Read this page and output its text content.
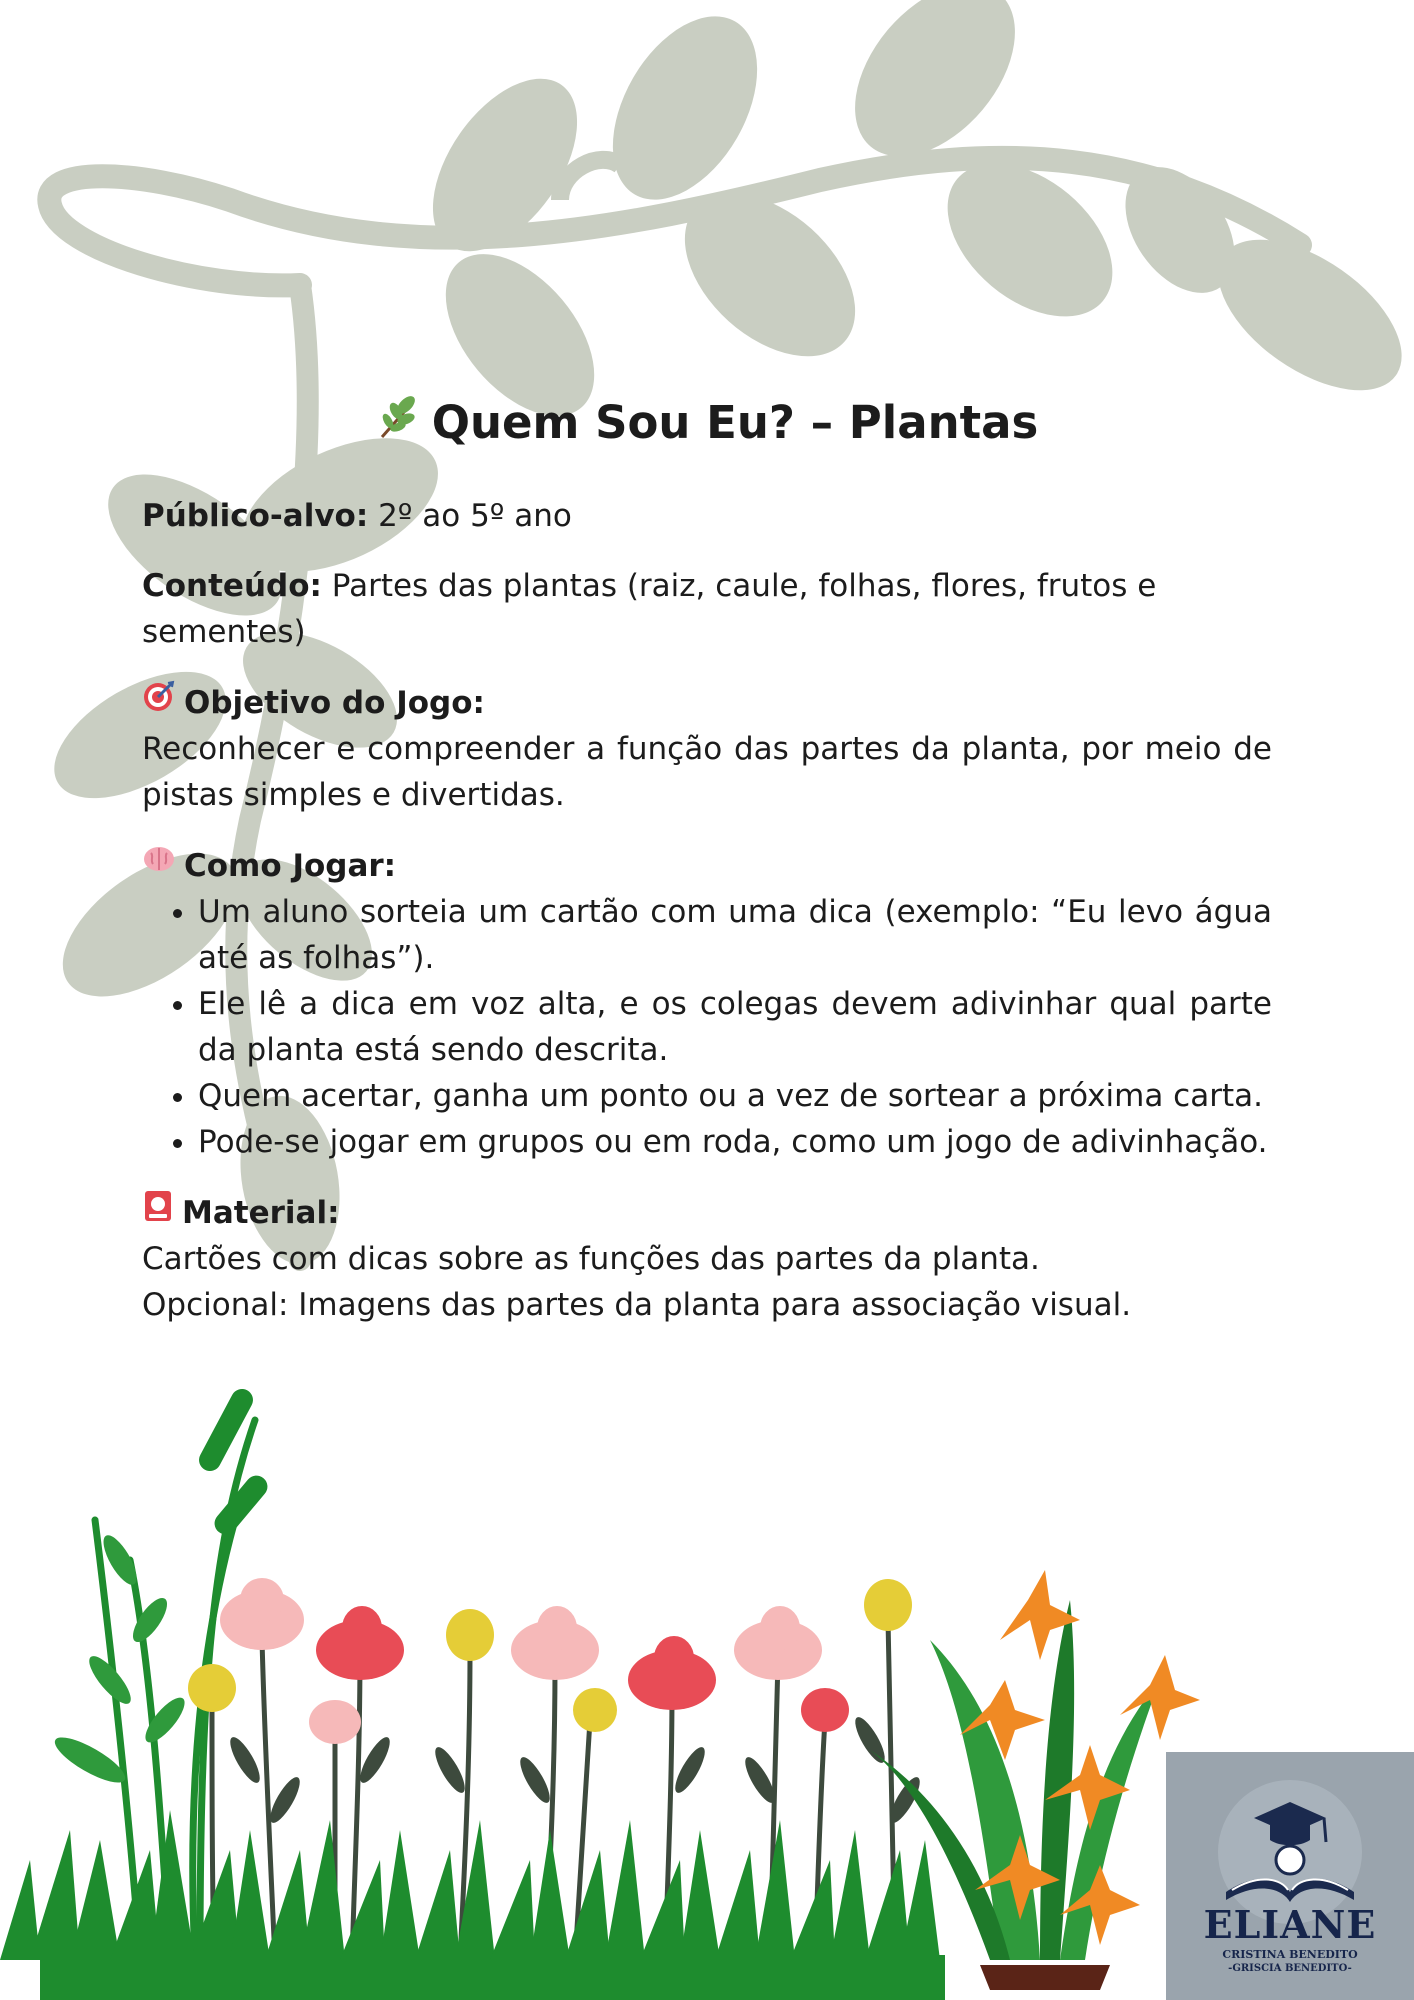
Quem Sou Eu? – Plantas

Público-alvo: 2º ao 5º ano

Conteúdo: Partes das plantas (raiz, caule, folhas, flores, frutos e sementes)

Objetivo do Jogo:

Reconhecer e compreender a função das partes da planta, por meio de pistas simples e divertidas.

Como Jogar:
• Um aluno sorteia um cartão com uma dica (exemplo: “Eu levo água até as folhas”).
• Ele lê a dica em voz alta, e os colegas devem adivinhar qual parte da planta está sendo descrita.
• Quem acertar, ganha um ponto ou a vez de sortear a próxima carta.
• Pode-se jogar em grupos ou em roda, como um jogo de adivinhação.
Material:

Cartões com dicas sobre as funções das partes da planta.

Opcional: Imagens das partes da planta para associação visual.

ELIANE
CRISTINA BENEDITO
-GRISCIA BENEDITO-
